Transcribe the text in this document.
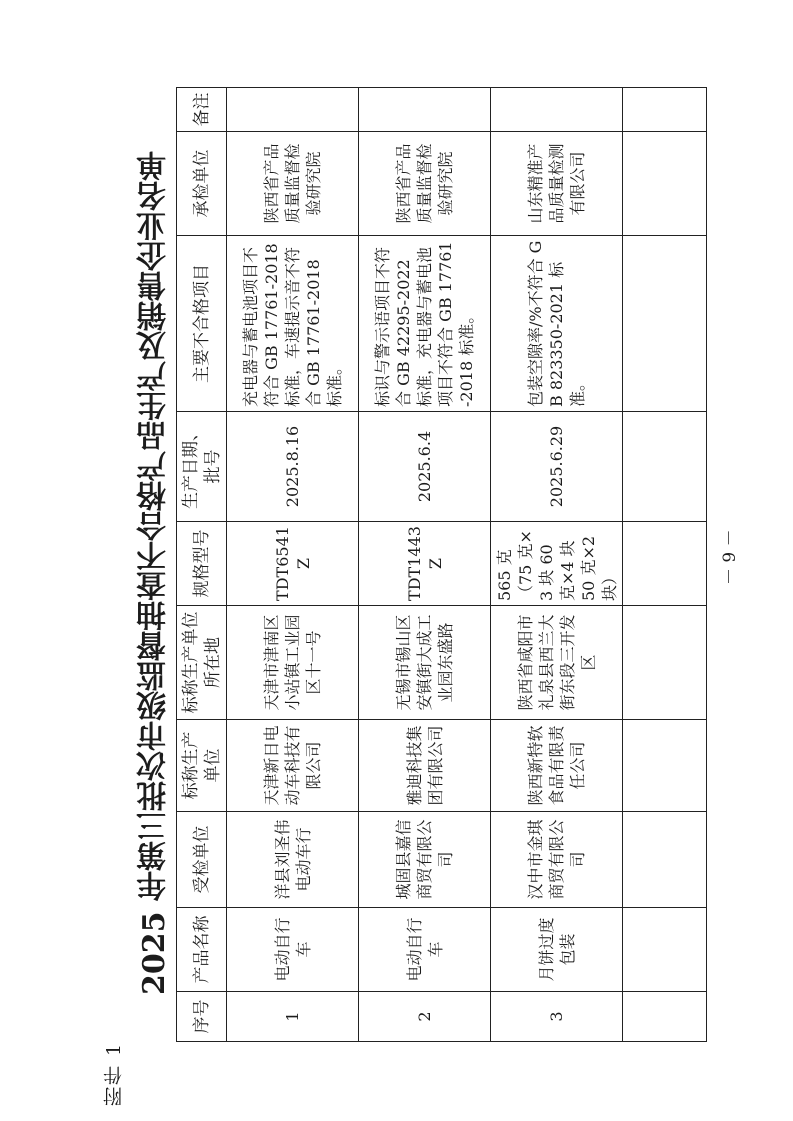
附件 1
2025 年第三批次市级监督抽查不合格产品生产及销售企业名单	－ 9 －
序号	产品名称	受检单位	标称生产单位	标称生产单位所在地	规格型号	生产日期、批号	主要不合格项目	承检单位	备注
1	电动自行车	洋县刘圣伟电动车行	天津新日电动车科技有限公司	天津市津南区小站镇工业园区十一号	TDT6541Z	2025.8.16	充电器与蓄电池项目不符合 GB 17761-2018 标准，车速提示音不符合 GB 17761-2018 标准。	陕西省产品质量监督检验研究院	
2	电动自行车	城固县嘉信商贸有限公司	雅迪科技集团有限公司	无锡市锡山区安镇街大成工业园东盛路	TDT1443Z	2025.6.4	标识与警示语项目不符合 GB 42295-2022 标准，充电器与蓄电池项目不符合 GB 17761-2018 标准。	陕西省产品质量监督检验研究院	
3	月饼过度包装	汉中市金琪商贸有限公司	陕西新特软食品有限责任公司	陕西省咸阳市礼泉县西兰大街东段三开发区	565 克（75 克×3 块 60 克×4 块 50 克×2 块）	2025.6.29	包装空隙率/%不符合 GB 823350-2021 标准。	山东精准产品质量检测有限公司	
